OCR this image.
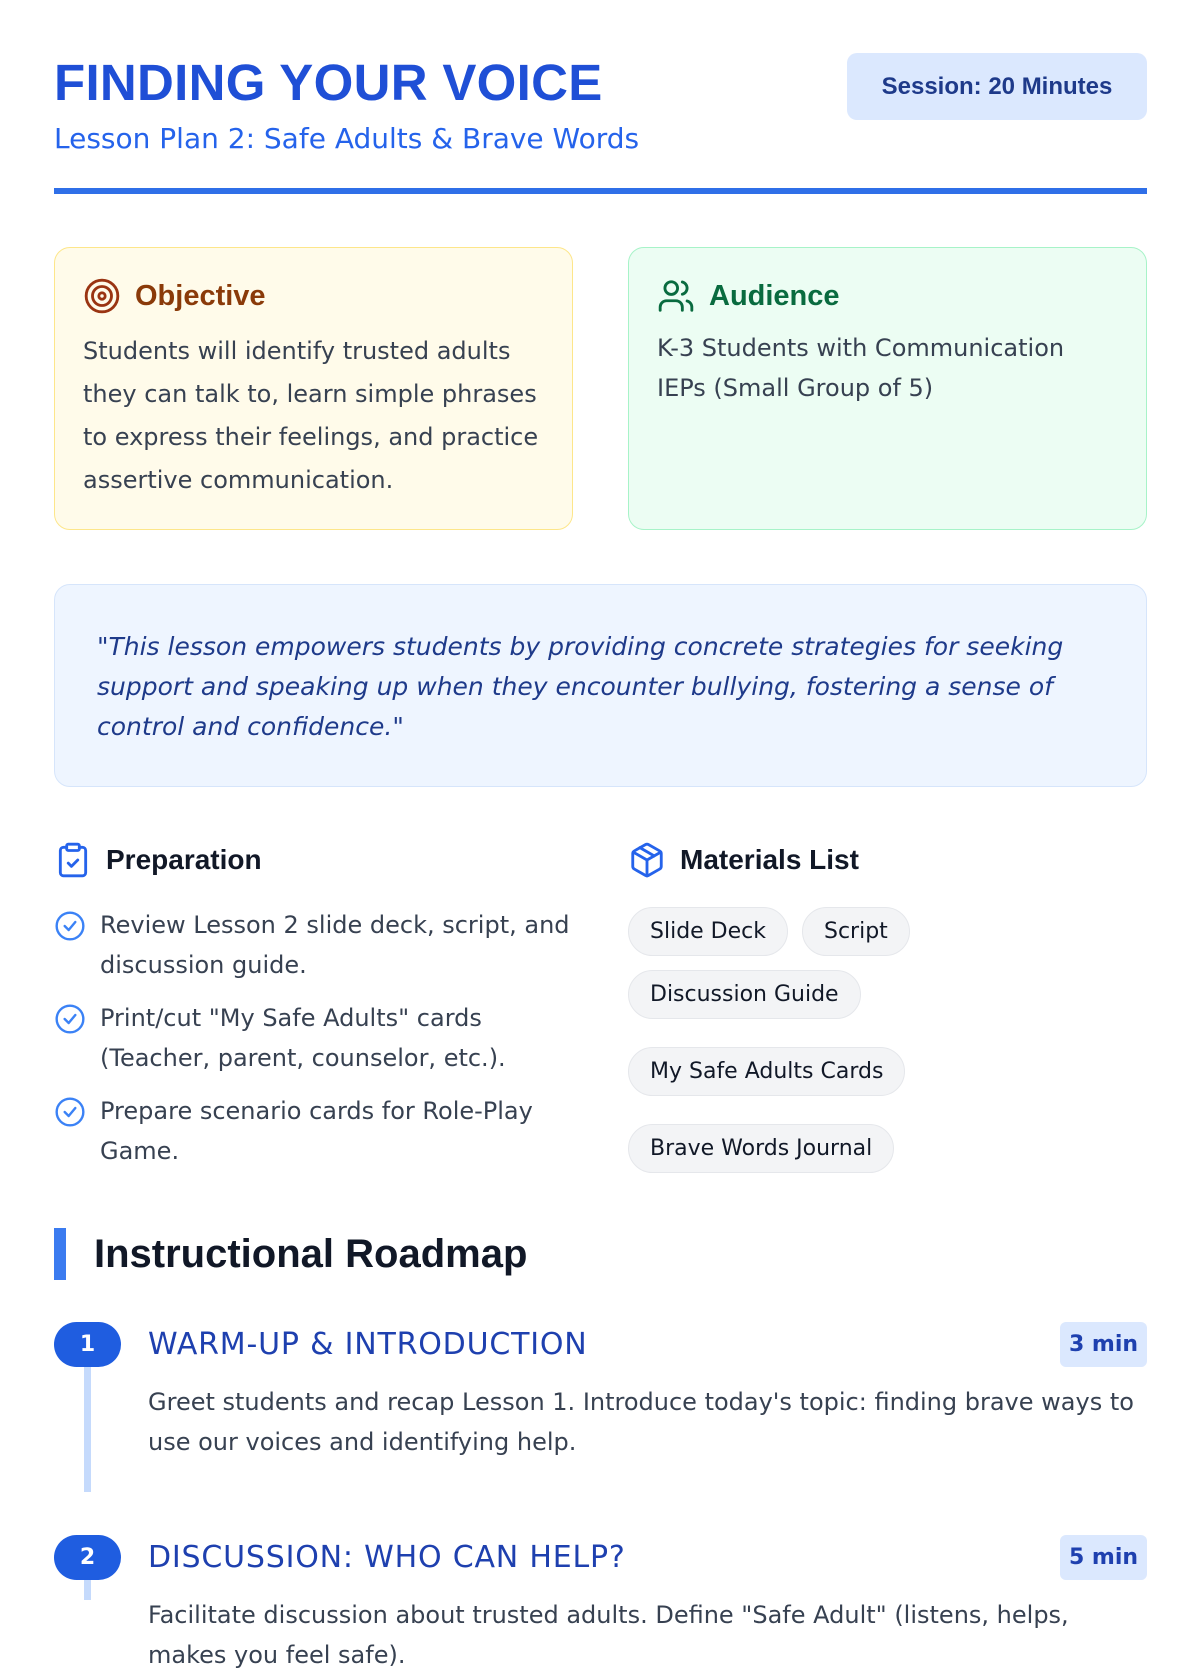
FINDING YOUR VOICE
Lesson Plan 2: Safe Adults & Brave Words
Session: 20 Minutes
Objective
Students will identify trusted adults they can talk to, learn simple phrases to express their feelings, and practice assertive communication.
Audience
K-3 Students with Communication IEPs (Small Group of 5)
"This lesson empowers students by providing concrete strategies for seeking support and speaking up when they encounter bullying, fostering a sense of control and confidence."
Preparation
Review Lesson 2 slide deck, script, and discussion guide.
Print/cut "My Safe Adults" cards (Teacher, parent, counselor, etc.).
Prepare scenario cards for Role-Play Game.
Materials List
Slide Deck	Script
Discussion Guide
My Safe Adults Cards
Brave Words Journal
Instructional Roadmap
1	WARM-UP & INTRODUCTION	3 min
Greet students and recap Lesson 1. Introduce today's topic: finding brave ways to use our voices and identifying help.
2	DISCUSSION: WHO CAN HELP?	5 min
Facilitate discussion about trusted adults. Define "Safe Adult" (listens, helps, makes you feel safe).
